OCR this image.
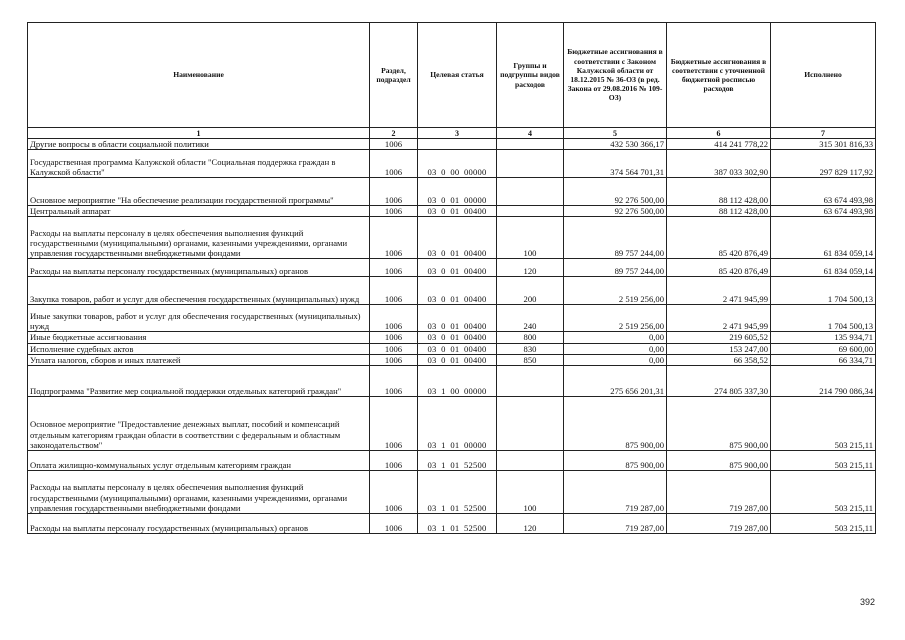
Наименование	Раздел, подраздел	Целевая статья	Группы и подгруппы видов расходов	Бюджетные ассигнования в соответствии с Законом Калужской области от 18.12.2015 № 36-ОЗ (в ред. Закона от 29.08.2016 № 109-ОЗ)	Бюджетные ассигнования в соответствии с уточненной бюджетной росписью расходов	Исполнено
1	2	3	4	5	6	7
Другие вопросы в области социальной политики	1006			432 530 366,17	414 241 778,22	315 301 816,33
Государственная программа Калужской области "Социальная поддержка граждан в Калужской области"	1006	03  0  00  00000		374 564 701,31	387 033 302,90	297 829 117,92
Основное мероприятие "На обеспечение реализации государственной программы"	1006	03  0  01  00000		92 276 500,00	88 112 428,00	63 674 493,98
Центральный аппарат	1006	03  0  01  00400		92 276 500,00	88 112 428,00	63 674 493,98
Расходы на выплаты персоналу в целях обеспечения выполнения функций государственными (муниципальными) органами, казенными учреждениями, органами управления государственными внебюджетными фондами	1006	03  0  01  00400	100	89 757 244,00	85 420 876,49	61 834 059,14
Расходы на выплаты персоналу государственных (муниципальных) органов	1006	03  0  01  00400	120	89 757 244,00	85 420 876,49	61 834 059,14
Закупка товаров, работ и услуг для обеспечения государственных (муниципальных) нужд	1006	03  0  01  00400	200	2 519 256,00	2 471 945,99	1 704 500,13
Иные закупки товаров, работ и услуг для обеспечения государственных (муниципальных) нужд	1006	03  0  01  00400	240	2 519 256,00	2 471 945,99	1 704 500,13
Иные бюджетные ассигнования	1006	03  0  01  00400	800	0,00	219 605,52	135 934,71
Исполнение судебных актов	1006	03  0  01  00400	830	0,00	153 247,00	69 600,00
Уплата налогов, сборов и иных платежей	1006	03  0  01  00400	850	0,00	66 358,52	66 334,71
Подпрограмма "Развитие мер социальной поддержки отдельных категорий граждан"	1006	03  1  00  00000		275 656 201,31	274 805 337,30	214 790 086,34
Основное мероприятие "Предоставление денежных выплат, пособий и компенсаций отдельным категориям граждан области в соответствии с федеральным и областным законодательством"	1006	03  1  01  00000		875 900,00	875 900,00	503 215,11
Оплата жилищно-коммунальных услуг отдельным категориям граждан	1006	03  1  01  52500		875 900,00	875 900,00	503 215,11
Расходы на выплаты персоналу в целях обеспечения выполнения функций государственными (муниципальными) органами, казенными учреждениями, органами управления государственными внебюджетными фондами	1006	03  1  01  52500	100	719 287,00	719 287,00	503 215,11
Расходы на выплаты персоналу государственных (муниципальных) органов	1006	03  1  01  52500	120	719 287,00	719 287,00	503 215,11
392
